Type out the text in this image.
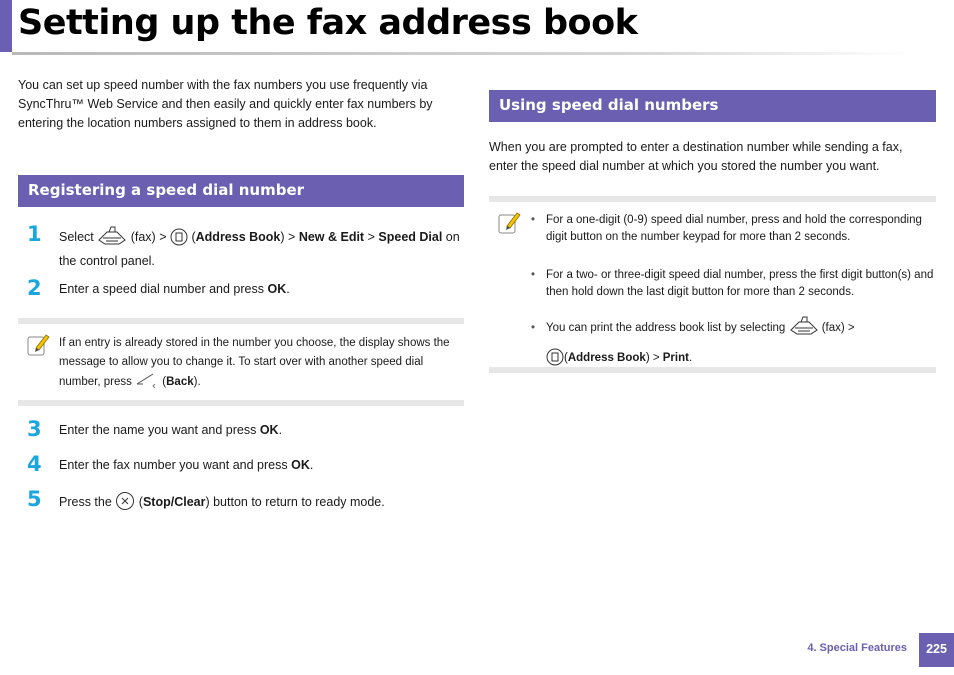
Setting up the fax address book

You can set up speed number with the fax numbers you use frequently via SyncThru™ Web Service and then easily and quickly enter fax numbers by entering the location numbers assigned to them in address book.

Registering a speed dial number
1 Select	(fax) > (Address Book) > New & Edit > Speed Dial on
the control panel.
2 Enter a speed dial number and press OK.
If an entry is already stored in the number you choose, the display shows the message to allow you to change it. To start over with another speed dial number, press	(Back).
3 Enter the name you want and press OK.
4 Enter the fax number you want and press OK.
5 Press the (Stop/Clear) button to return to ready mode.
Using speed dial numbers

When you are prompted to enter a destination number while sending a fax, enter the speed dial number at which you stored the number you want.

• For a one-digit (0-9) speed dial number, press and hold the corresponding digit button on the number keypad for more than 2 seconds.
• For a two- or three-digit speed dial number, press the first digit button(s) and then hold down the last digit button for more than 2 seconds.
• You can print the address book list by selecting	(fax) >
(Address Book) > Print.
4. Special Features	225
